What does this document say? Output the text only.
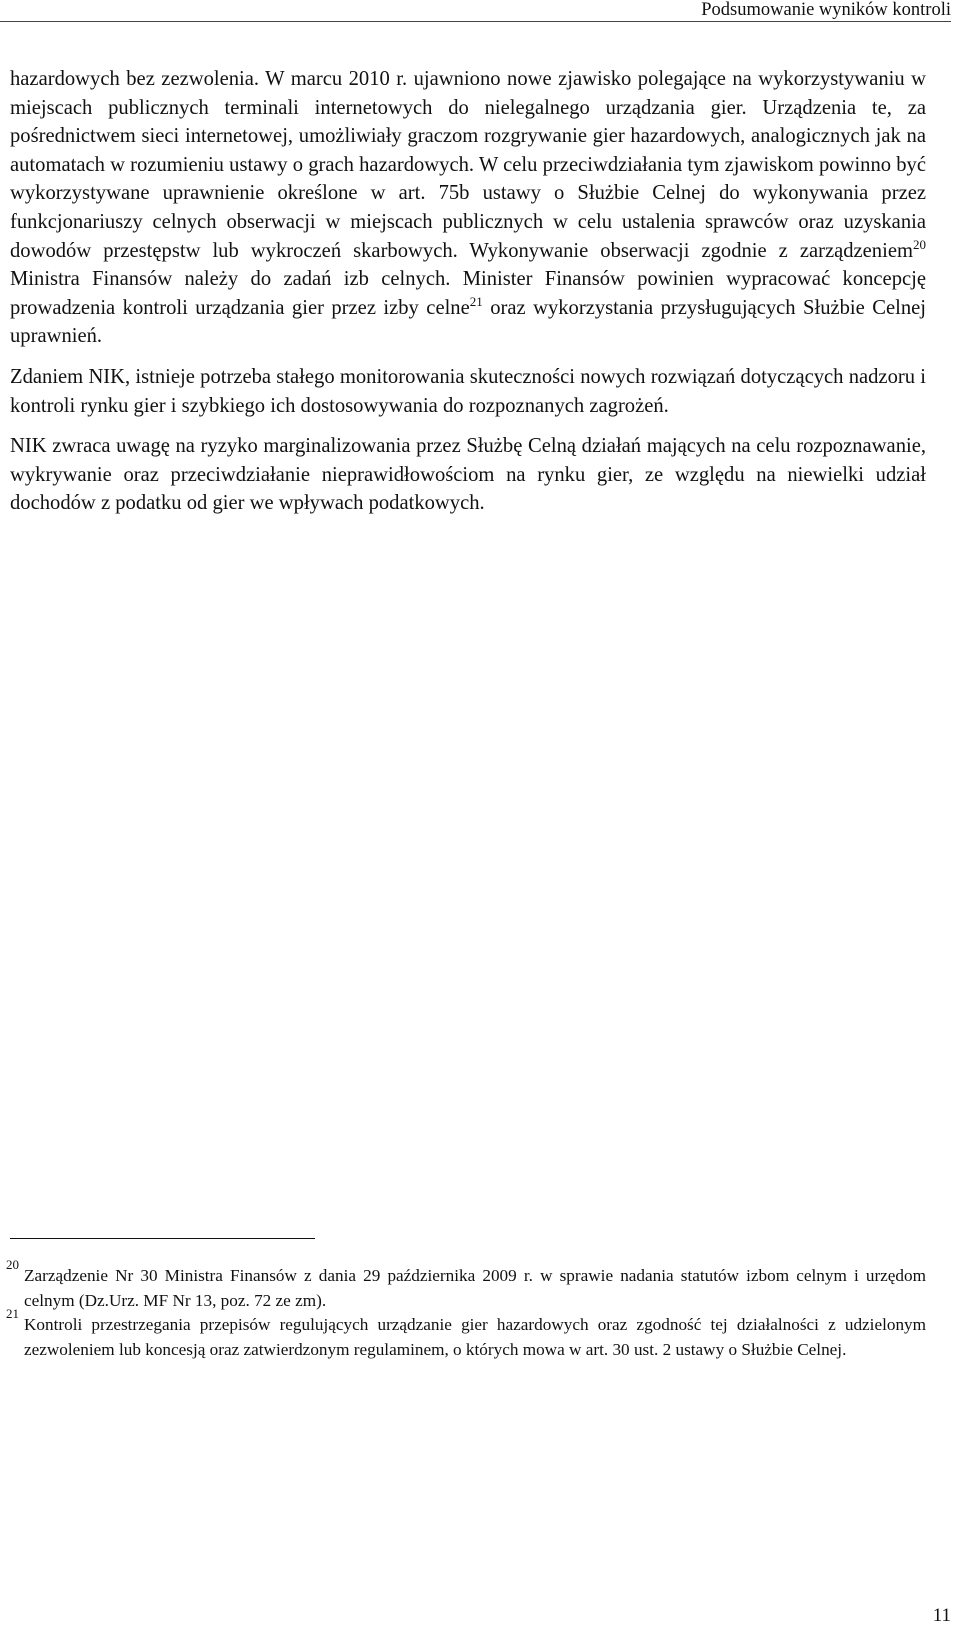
Podsumowanie wyników kontroli

hazardowych bez zezwolenia. W marcu 2010 r. ujawniono nowe zjawisko polegające na wykorzystywaniu w miejscach publicznych terminali internetowych do nielegalnego urządzania gier. Urządzenia te, za pośrednictwem sieci internetowej, umożliwiały graczom rozgrywanie gier hazardowych, analogicznych jak na automatach w rozumieniu ustawy o grach hazardowych. W celu przeciwdziałania tym zjawiskom powinno być wykorzystywane uprawnienie określone w art. 75b ustawy o Służbie Celnej do wykonywania przez funkcjonariuszy celnych obserwacji w miejscach publicznych w celu ustalenia sprawców oraz uzyskania dowodów przestępstw lub wykroczeń skarbowych. Wykonywanie obserwacji zgodnie z zarządzeniem$^{20}$ Ministra Finansów należy do zadań izb celnych. Minister Finansów powinien wypracować koncepcję prowadzenia kontroli urządzania gier przez izby celne$^{21}$ oraz wykorzystania przysługujących Służbie Celnej uprawnień.

Zdaniem NIK, istnieje potrzeba stałego monitorowania skuteczności nowych rozwiązań dotyczących nadzoru i kontroli rynku gier i szybkiego ich dostosowywania do rozpoznanych zagrożeń.

NIK zwraca uwagę na ryzyko marginalizowania przez Służbę Celną działań mających na celu rozpoznawanie, wykrywanie oraz przeciwdziałanie nieprawidłowościom na rynku gier, ze względu na niewielki udział dochodów z podatku od gier we wpływach podatkowych.

20
Zarządzenie Nr 30 Ministra Finansów z dania 29 października 2009 r. w sprawie nadania statutów izbom celnym i urzędom celnym (Dz.Urz. MF Nr 13, poz. 72 ze zm).
21
Kontroli przestrzegania przepisów regulujących urządzanie gier hazardowych oraz zgodność tej działalności z udzielonym zezwoleniem lub koncesją oraz zatwierdzonym regulaminem, o których mowa w art. 30 ust. 2 ustawy o Służbie Celnej.
11
